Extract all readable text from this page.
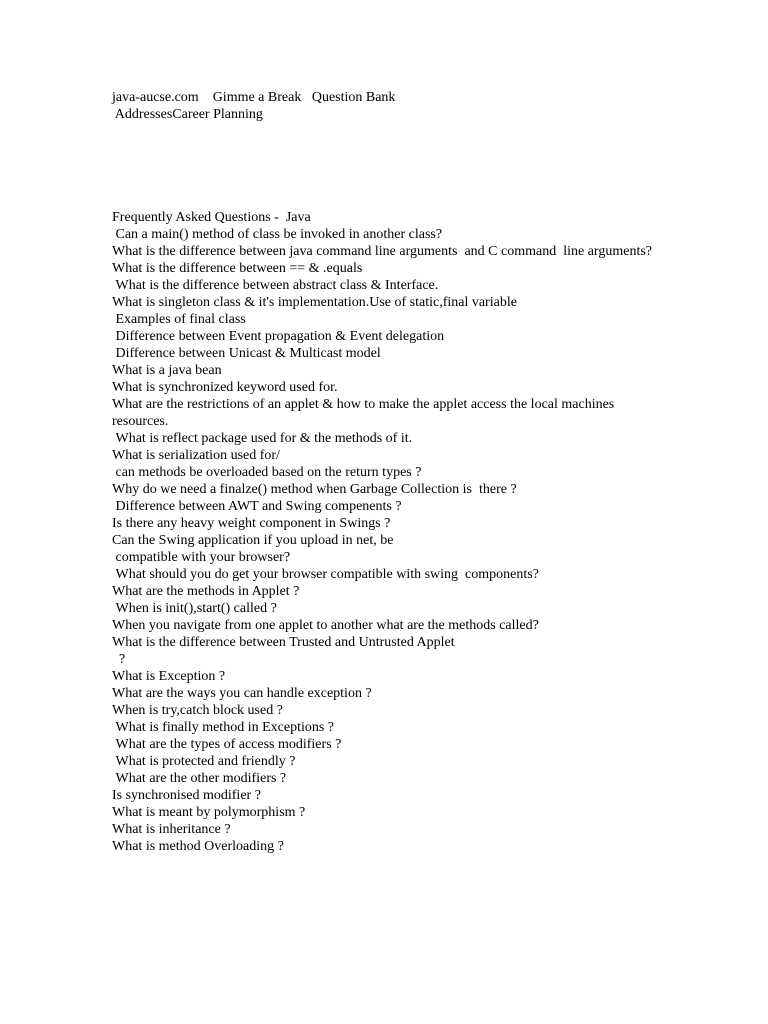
java-aucse.com Gimme a Break Question Bank
AddressesCareer Planning
Frequently Asked Questions -  Java
Can a main() method of class be invoked in another class?
What is the difference between java command line arguments  and C command  line arguments?
What is the difference between == & .equals
What is the difference between abstract class & Interface.
What is singleton class & it's implementation.Use of static,final variable
Examples of final class
Difference between Event propagation & Event delegation
Difference between Unicast & Multicast model
What is a java bean
What is synchronized keyword used for.
What are the restrictions of an applet & how to make the applet access the local machines resources.
What is reflect package used for & the methods of it.
What is serialization used for/
can methods be overloaded based on the return types ?
Why do we need a finalze() method when Garbage Collection is  there ?
Difference between AWT and Swing compenents ?
Is there any heavy weight component in Swings ?
Can the Swing application if you upload in net, be
compatible with your browser?
What should you do get your browser compatible with swing  components?
What are the methods in Applet ?
When is init(),start() called ?
When you navigate from one applet to another what are the methods called?
What is the difference between Trusted and Untrusted Applet
?
What is Exception ?
What are the ways you can handle exception ?
When is try,catch block used ?
What is finally method in Exceptions ?
What are the types of access modifiers ?
What is protected and friendly ?
What are the other modifiers ?
Is synchronised modifier ?
What is meant by polymorphism ?
What is inheritance ?
What is method Overloading ?
